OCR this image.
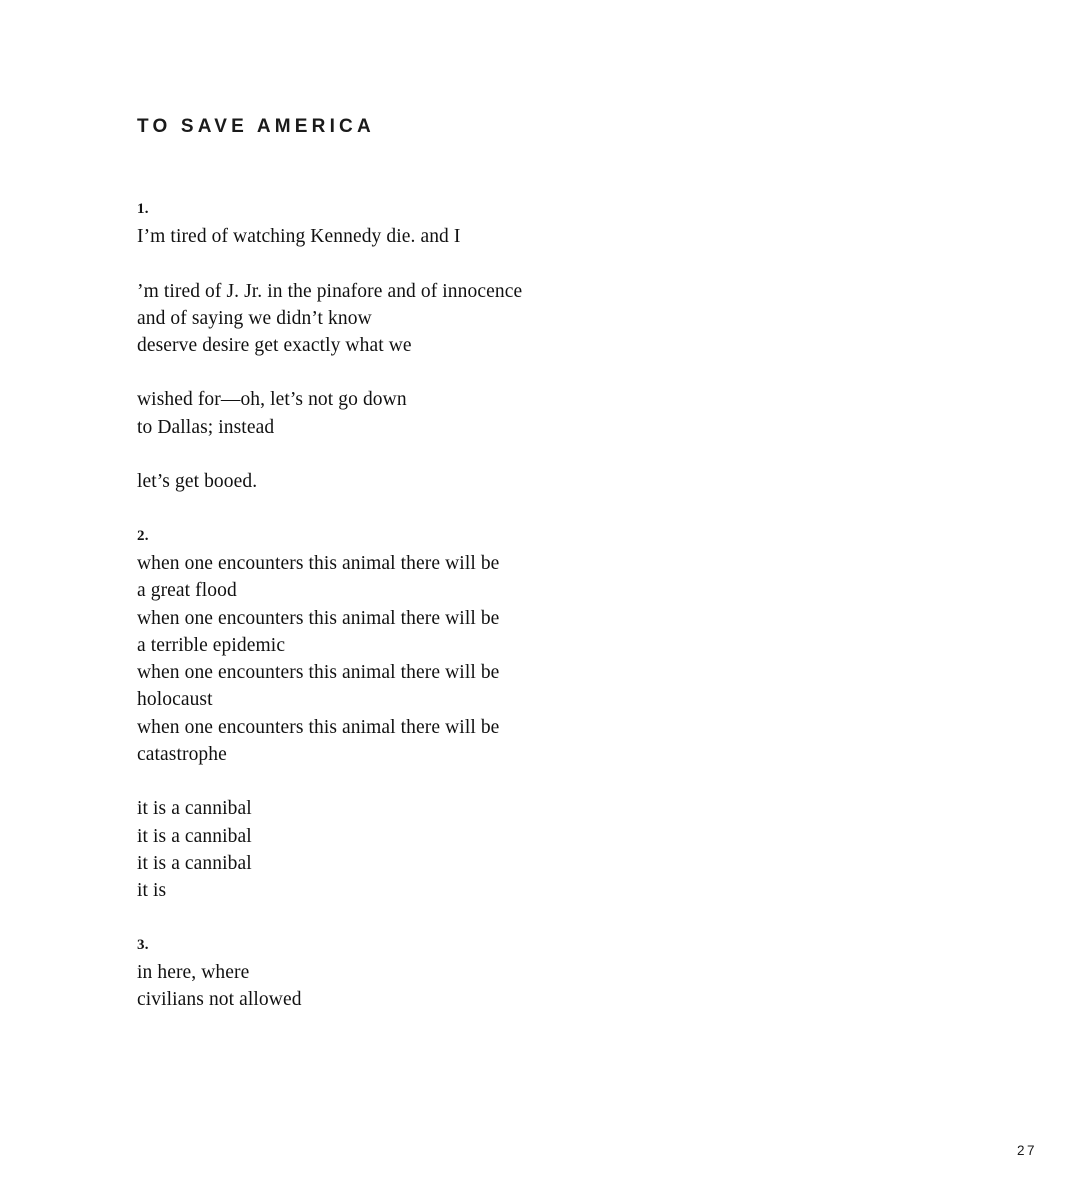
TO SAVE AMERICA
1.
I’m tired of watching Kennedy die. and I
’m tired of J. Jr. in the pinafore and of innocence
and of saying we didn’t know
deserve desire get exactly what we
wished for—oh, let’s not go down
to Dallas; instead
let’s get booed.
2.
when one encounters this animal there will be
a great flood
when one encounters this animal there will be
a terrible epidemic
when one encounters this animal there will be
holocaust
when one encounters this animal there will be
catastrophe
it is a cannibal
it is a cannibal
it is a cannibal
it is
3.
in here, where
civilians not allowed
27
